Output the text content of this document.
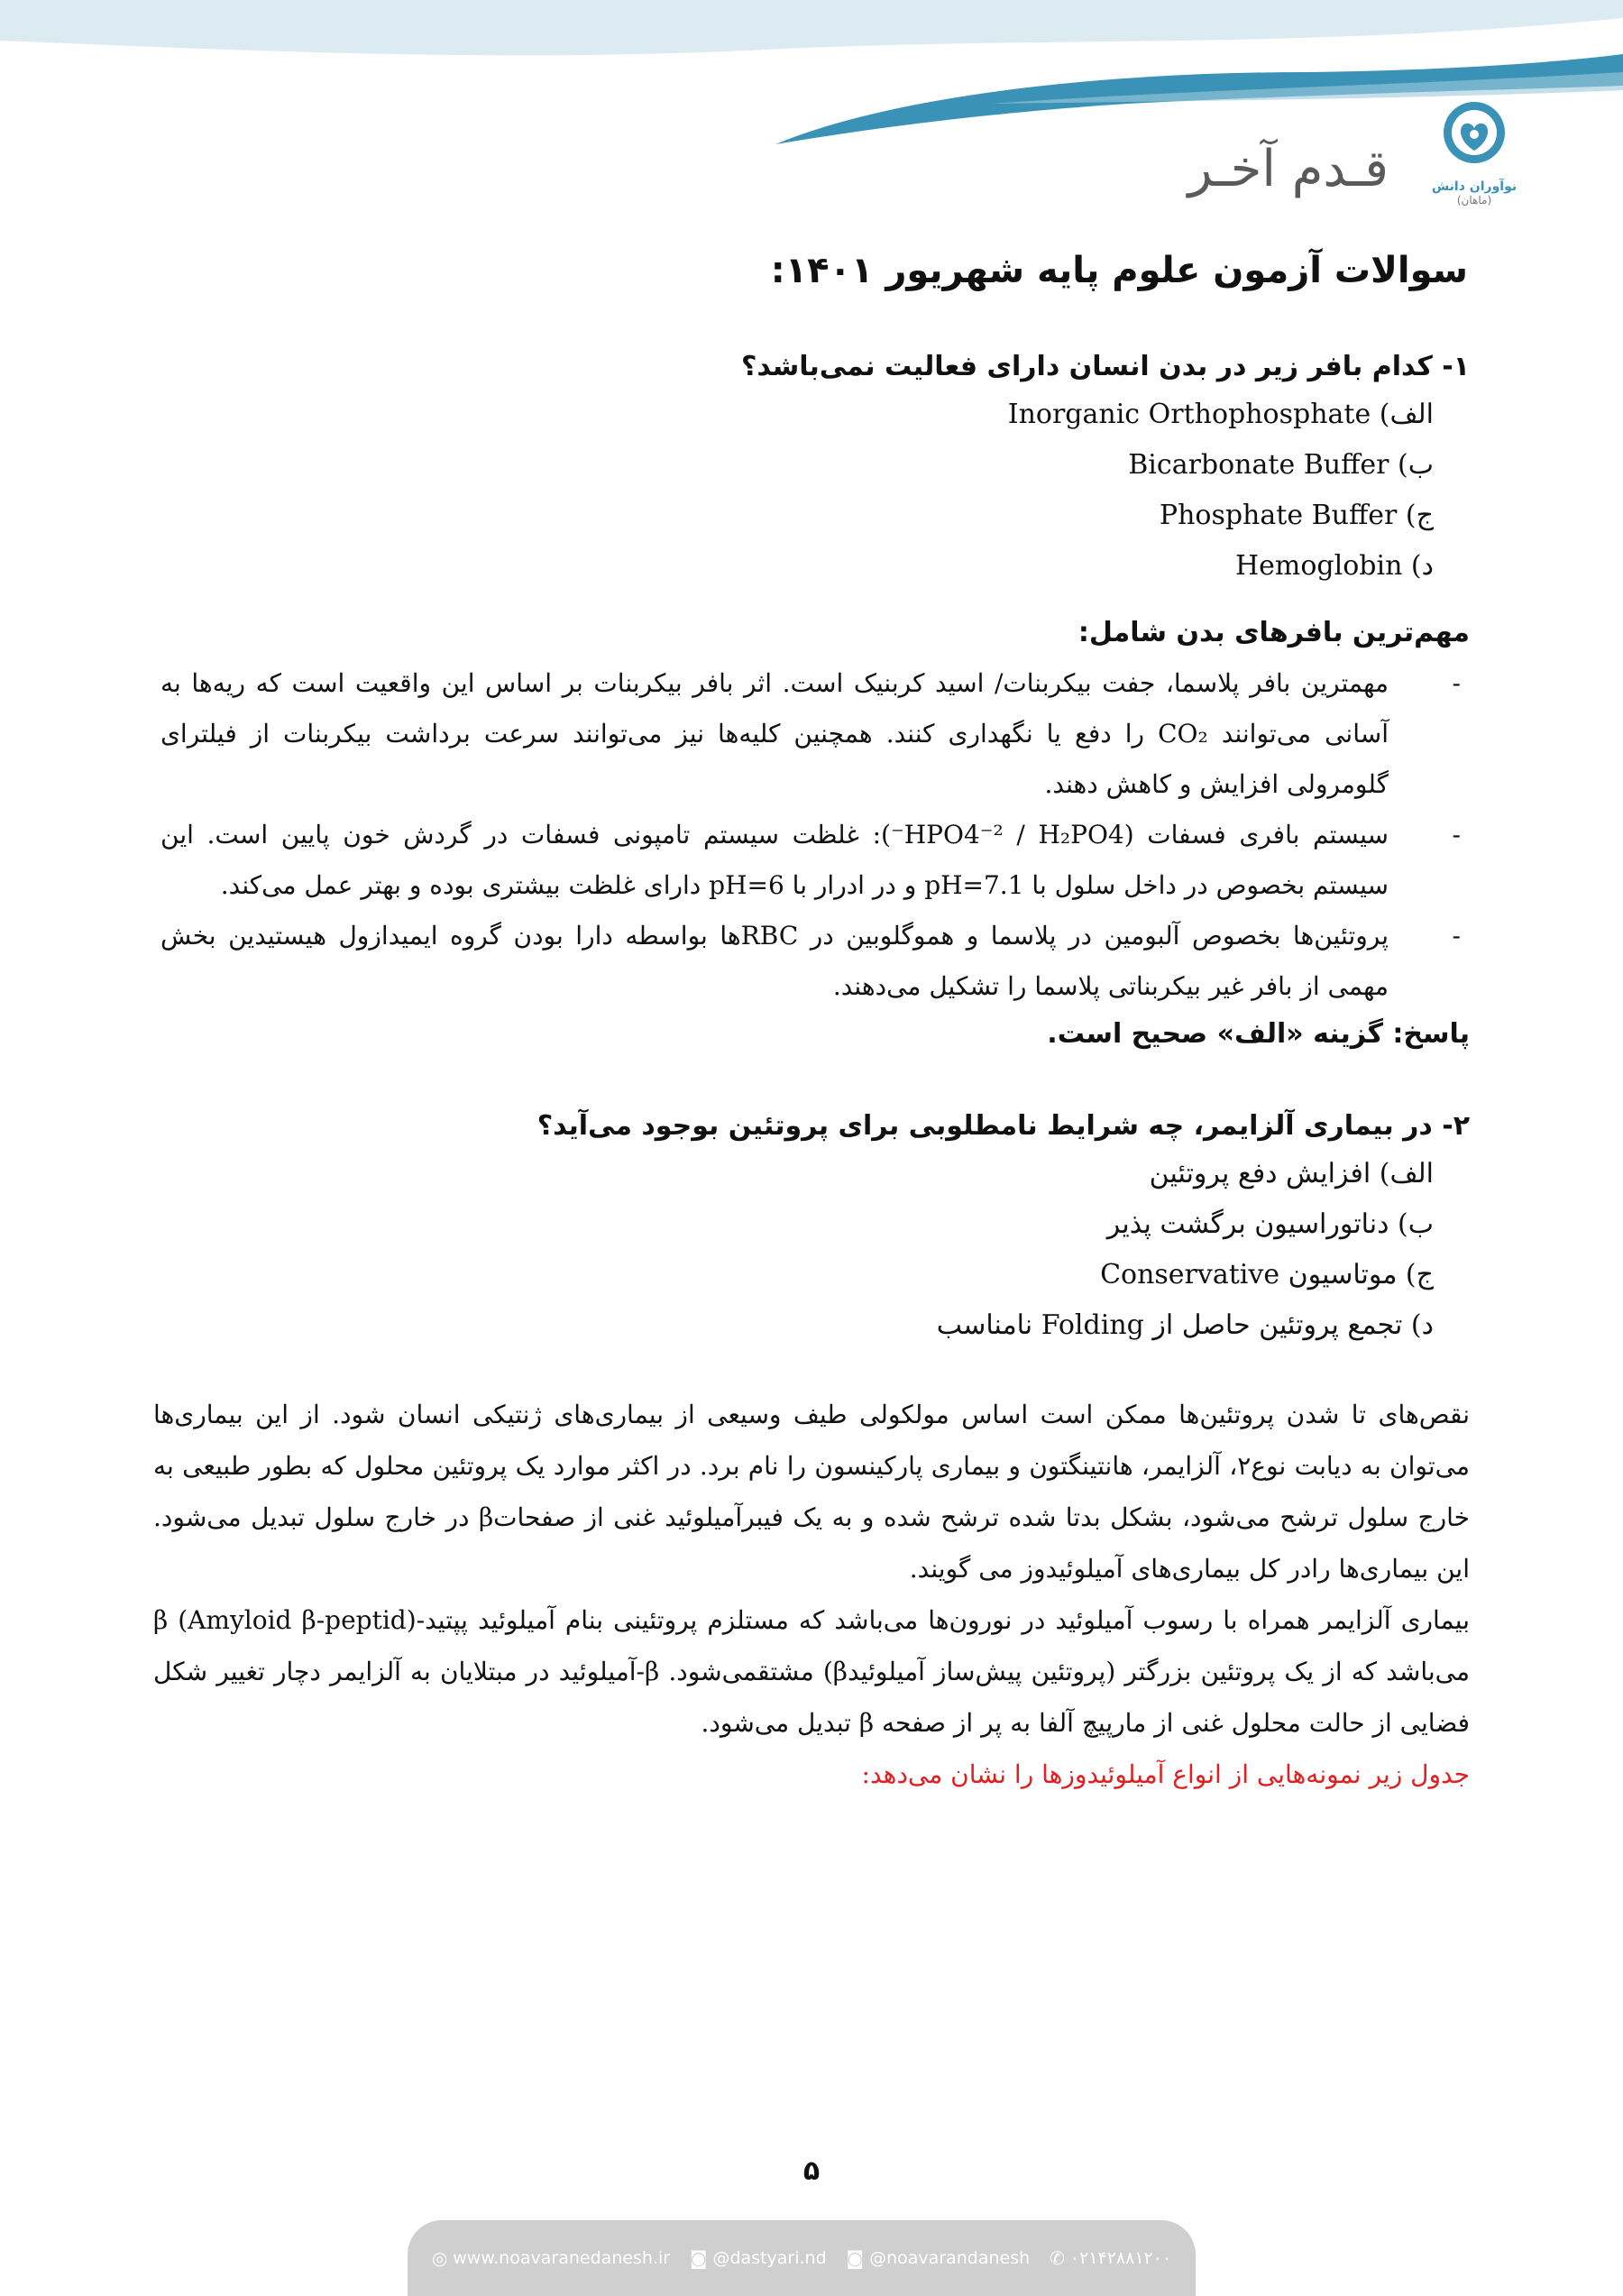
نوآوران دانش
(ماهان)
قـدم آخـر
سوالات آزمون علوم پایه شهریور ۱۴۰۱:

۱- کدام بافر زیر در بدن انسان دارای فعالیت نمی‌باشد؟

الف) Inorganic Orthophosphate
ب) Bicarbonate Buffer
ج) Phosphate Buffer
د) Hemoglobin

مهم‌ترین بافرهای بدن شامل:

-
مهمترین بافر پلاسما، جفت بیکربنات/ اسید کربنیک است. اثر بافر بیکربنات بر اساس این واقعیت است که ریه‌ها به آسانی می‌توانند CO₂ را دفع یا نگهداری کنند. همچنین کلیه‌ها نیز می‌توانند سرعت برداشت بیکربنات از فیلترای گلومرولی افزایش و کاهش دهند.
-
سیستم بافری فسفات (HPO4⁻² / H₂PO4⁻): غلظت سیستم تامپونی فسفات در گردش خون پایین است. این سیستم بخصوص در داخل سلول با pH=7.1 و در ادرار با pH=6 دارای غلظت بیشتری بوده و بهتر عمل می‌کند.
-
پروتئین‌ها بخصوص آلبومین در پلاسما و هموگلوبین در RBCها بواسطه دارا بودن گروه ایمیدازول هیستیدین بخش مهمی از بافر غیر بیکربناتی پلاسما را تشکیل می‌دهند.

پاسخ: گزینه «الف» صحیح است.

۲- در بیماری آلزایمر، چه شرایط نامطلوبی برای پروتئین بوجود می‌آید؟

الف) افزایش دفع پروتئین
ب) دناتوراسیون برگشت پذیر
ج) موتاسیون Conservative
د) تجمع پروتئین حاصل از Folding نامناسب

نقص‌های تا شدن پروتئین‌ها ممکن است اساس مولکولی طیف وسیعی از بیماری‌های ژنتیکی انسان شود. از این بیماری‌ها می‌توان به دیابت نوع۲، آلزایمر، هانتینگتون و بیماری پارکینسون را نام برد. در اکثر موارد یک پروتئین محلول که بطور طبیعی به خارج سلول ترشح می‌شود، بشکل بدتا شده ترشح شده و به یک فیبرآمیلوئید غنی از صفحاتβ در خارج سلول تبدیل می‌شود. این بیماری‌ها رادر کل بیماری‌های آمیلوئیدوز می گویند.

بیماری آلزایمر همراه با رسوب آمیلوئید در نورون‌ها می‌باشد که مستلزم پروتئینی بنام آمیلوئید پپتید-β (Amyloid β-peptid) می‌باشد که از یک پروتئین بزرگتر (پروتئین پیش‌ساز آمیلوئیدβ) مشتقمی‌شود. β-آمیلوئید در مبتلایان به آلزایمر دچار تغییر شکل فضایی از حالت محلول غنی از مارپیچ آلفا به پر از صفحه β تبدیل می‌شود.

جدول زیر نمونه‌هایی از انواع آمیلوئیدوزها را نشان می‌دهد:

۵
◎ www.noavaranedanesh.ir ◙ @dastyari.nd ◙ @noavarandanesh ✆ ۰۲۱۴۲۸۸۱۲۰۰
